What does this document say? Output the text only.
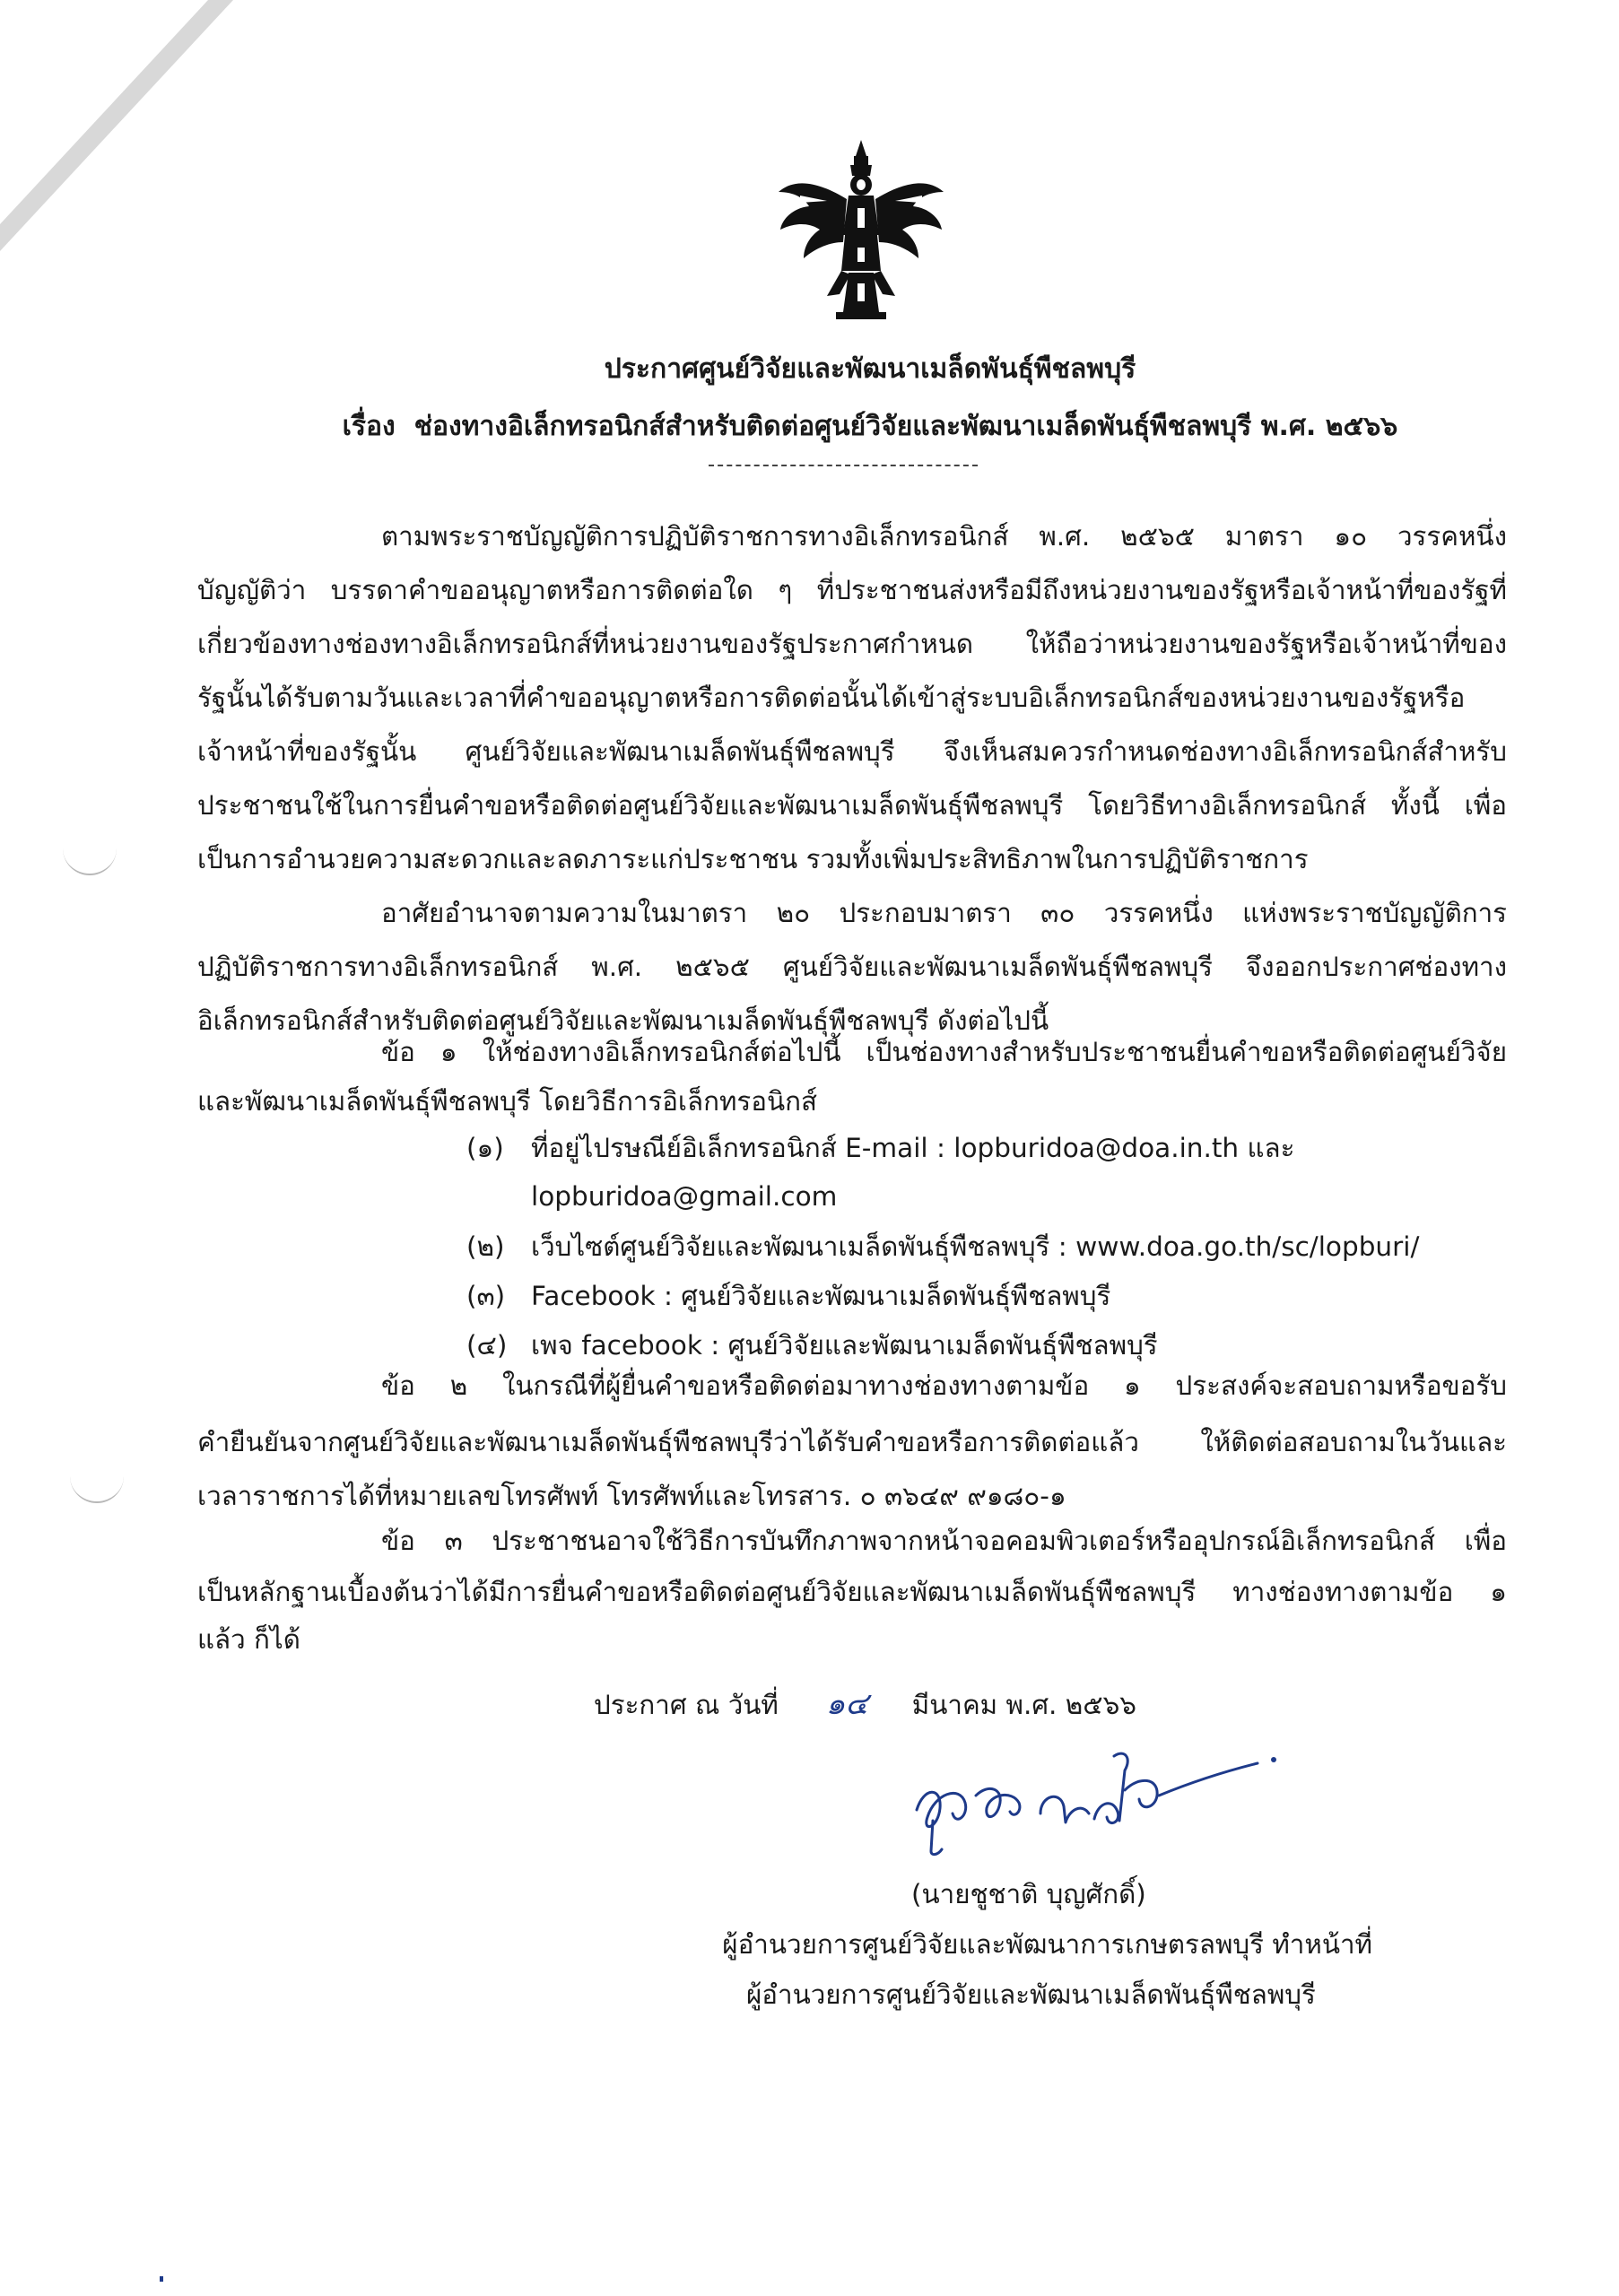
ประกาศศูนย์วิจัยและพัฒนาเมล็ดพันธุ์พืชลพบุรี
เรื่อง ช่องทางอิเล็กทรอนิกส์สำหรับติดต่อศูนย์วิจัยและพัฒนาเมล็ดพันธุ์พืชลพบุรี พ.ศ. ๒๕๖๖
ตามพระราชบัญญัติการปฏิบัติราชการทางอิเล็กทรอนิกส์ พ.ศ. ๒๕๖๕ มาตรา ๑๐ วรรคหนึ่ง
บัญญัติว่า บรรดาคำขออนุญาตหรือการติดต่อใด ๆ ที่ประชาชนส่งหรือมีถึงหน่วยงานของรัฐหรือเจ้าหน้าที่ของรัฐที่
เกี่ยวข้องทางช่องทางอิเล็กทรอนิกส์ที่หน่วยงานของรัฐประกาศกำหนด ให้ถือว่าหน่วยงานของรัฐหรือเจ้าหน้าที่ของ
รัฐนั้นได้รับตามวันและเวลาที่คำขออนุญาตหรือการติดต่อนั้นได้เข้าสู่ระบบอิเล็กทรอนิกส์ของหน่วยงานของรัฐหรือ
เจ้าหน้าที่ของรัฐนั้น ศูนย์วิจัยและพัฒนาเมล็ดพันธุ์พืชลพบุรี จึงเห็นสมควรกำหนดช่องทางอิเล็กทรอนิกส์สำหรับ
ประชาชนใช้ในการยื่นคำขอหรือติดต่อศูนย์วิจัยและพัฒนาเมล็ดพันธุ์พืชลพบุรี โดยวิธีทางอิเล็กทรอนิกส์ ทั้งนี้ เพื่อ
เป็นการอำนวยความสะดวกและลดภาระแก่ประชาชน รวมทั้งเพิ่มประสิทธิภาพในการปฏิบัติราชการ
อาศัยอำนาจตามความในมาตรา ๒๐ ประกอบมาตรา ๓๐ วรรคหนึ่ง แห่งพระราชบัญญัติการ
ปฏิบัติราชการทางอิเล็กทรอนิกส์ พ.ศ. ๒๕๖๕ ศูนย์วิจัยและพัฒนาเมล็ดพันธุ์พืชลพบุรี จึงออกประกาศช่องทาง
อิเล็กทรอนิกส์สำหรับติดต่อศูนย์วิจัยและพัฒนาเมล็ดพันธุ์พืชลพบุรี ดังต่อไปนี้
ข้อ ๑ ให้ช่องทางอิเล็กทรอนิกส์ต่อไปนี้ เป็นช่องทางสำหรับประชาชนยื่นคำขอหรือติดต่อศูนย์วิจัย
และพัฒนาเมล็ดพันธุ์พืชลพบุรี โดยวิธีการอิเล็กทรอนิกส์
(๑) ที่อยู่ไปรษณีย์อิเล็กทรอนิกส์ E-mail : lopburidoa@doa.in.th และ
lopburidoa@gmail.com
(๒) เว็บไซต์ศูนย์วิจัยและพัฒนาเมล็ดพันธุ์พืชลพบุรี : www.doa.go.th/sc/lopburi/
(๓) Facebook : ศูนย์วิจัยและพัฒนาเมล็ดพันธุ์พืชลพบุรี
(๔) เพจ facebook : ศูนย์วิจัยและพัฒนาเมล็ดพันธุ์พืชลพบุรี
ข้อ ๒ ในกรณีที่ผู้ยื่นคำขอหรือติดต่อมาทางช่องทางตามข้อ ๑ ประสงค์จะสอบถามหรือขอรับ
คำยืนยันจากศูนย์วิจัยและพัฒนาเมล็ดพันธุ์พืชลพบุรีว่าได้รับคำขอหรือการติดต่อแล้ว ให้ติดต่อสอบถามในวันและ
เวลาราชการได้ที่หมายเลขโทรศัพท์ โทรศัพท์และโทรสาร. ๐ ๓๖๔๙ ๙๑๘๐-๑
ข้อ ๓ ประชาชนอาจใช้วิธีการบันทึกภาพจากหน้าจอคอมพิวเตอร์หรืออุปกรณ์อิเล็กทรอนิกส์ เพื่อ
เป็นหลักฐานเบื้องต้นว่าได้มีการยื่นคำขอหรือติดต่อศูนย์วิจัยและพัฒนาเมล็ดพันธุ์พืชลพบุรี ทางช่องทางตามข้อ ๑
แล้ว ก็ได้
ประกาศ ณ วันที่ ๑๔ มีนาคม พ.ศ. ๒๕๖๖
(นายชูชาติ บุญศักดิ์)
ผู้อำนวยการศูนย์วิจัยและพัฒนาการเกษตรลพบุรี ทำหน้าที่
ผู้อำนวยการศูนย์วิจัยและพัฒนาเมล็ดพันธุ์พืชลพบุรี
